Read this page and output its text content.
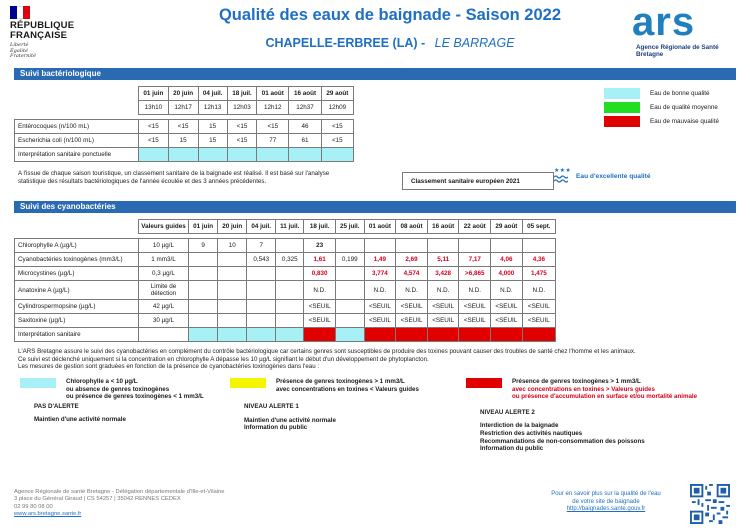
RÉPUBLIQUE
FRANÇAISE
Liberté
Égalité
Fraternité
Qualité des eaux de baignade - Saison 2022
CHAPELLE-ERBREE (LA) - LE BARRAGE	ars
Agence Régionale de Santé
Bretagne
Suivi bactériologique
	01 juin	20 juin	04 juil.	18 juil.	01 août	16 août	29 août
	13h10	12h17	12h13	12h03	12h12	12h37	12h09

Entérocoques (n/100 mL)	<15	<15	15	<15	<15	46	<15
Escherichia coli (n/100 mL)	<15	15	15	<15	77	61	<15
Interprétation sanitaire ponctuelle							
Eau de bonne qualité
Eau de qualité moyenne
Eau de mauvaise qualité
A l'issue de chaque saison touristique, un classement sanitaire de la baignade est réalisé. Il est basé sur l'analyse
statistique des résultats bactériologiques de l'année écoulée et des 3 années précédentes.	Classement sanitaire européen 2021
★★★
Eau d'excellente qualité
Suivi des cyanobactéries
	Valeurs guides	01 juin	20 juin	04 juil.	11 juil.	18 juil.	25 juil.	01 août	08 août	16 août	22 août	29 août	05 sept.

Chlorophylle A (µg/L)	10 µg/L	9	10	7		23							
Cyanobactéries toxinogènes (mm3/L)	1 mm3/L			0,543	0,325	1,61	0,199	1,49	2,69	5,11	7,17	4,06	4,36
Microcystines (µg/L)	0,3 µg/L					0,830		3,774	4,574	3,428	>6,865	4,000	1,475
Anatoxine A (µg/L)	Limite de détection					N.D.		N.D.	N.D.	N.D.	N.D.	N.D.	N.D.
Cylindrospermopsine (µg/L)	42 µg/L					<SEUIL		<SEUIL	<SEUIL	<SEUIL	<SEUIL	<SEUIL	<SEUIL
Saxitoxine (µg/L)	30 µg/L					<SEUIL		<SEUIL	<SEUIL	<SEUIL	<SEUIL	<SEUIL	<SEUIL
Interprétation sanitaire													
L'ARS Bretagne assure le suivi des cyanobactéries en complément du contrôle bactériologique car certains genres sont susceptibles de produire des toxines pouvant causer des troubles de santé chez l'homme et les animaux.
Ce suivi est déclenché uniquement si la concentration en chlorophylle A dépasse les 10 µg/L signifiant le début d'un développement de phytoplancton.
Les mesures de gestion sont graduées en fonction de la présence de cyanobactéries toxinogènes dans l'eau :
Chlorophylle a < 10 µg/L
ou absence de genres toxinogènes
ou présence de genres toxinogènes < 1 mm3/L
PAS D'ALERTE
Maintien d'une activité normale
Présence de genres toxinogènes > 1 mm3/L
avec concentrations en toxines < Valeurs guides
NIVEAU ALERTE 1
Maintien d'une activité normale
Information du public
Présence de genres toxinogènes > 1 mm3/L
avec concentrations en toxines > Valeurs guides
ou présence d'accumulation en surface et/ou mortalité animale
NIVEAU ALERTE 2
Interdiction de la baignade
Restriction des activités nautiques
Recommandations de non-consommation des poissons
Information du public
Agence Régionale de santé Bretagne - Délégation départementale d'Ille-et-Vilaine
3 place du Général Giraud | CS 54257 | 35042 RENNES CEDEX
02 99 80 08 00
www.ars.bretagne.sante.fr
Pour en savoir plus sur la qualité de l'eau
de votre site de baignade
http://baignades.sante.gouv.fr
